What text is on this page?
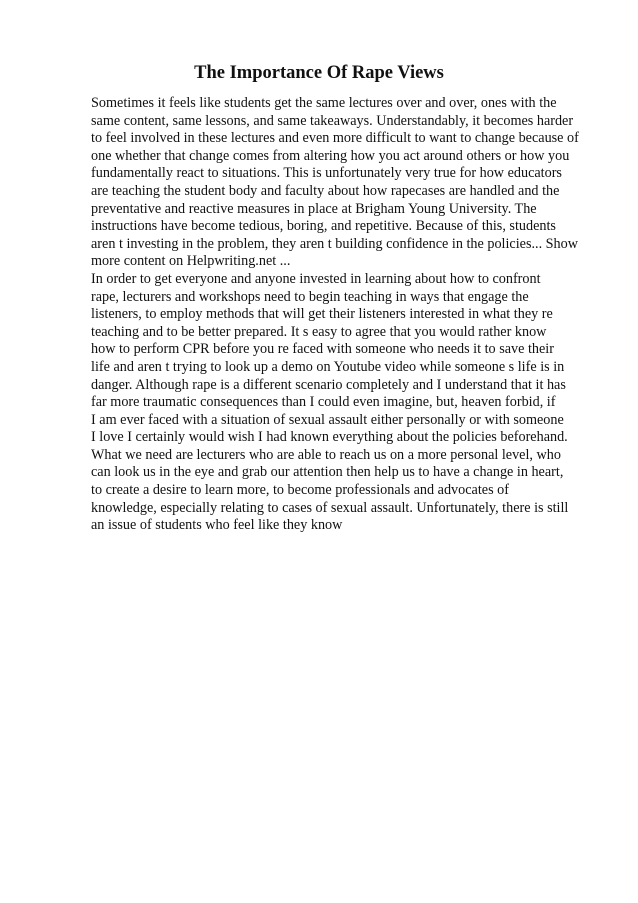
The Importance Of Rape Views
Sometimes it feels like students get the same lectures over and over, ones with the
same content, same lessons, and same takeaways. Understandably, it becomes harder
to feel involved in these lectures and even more difficult to want to change because of
one whether that change comes from altering how you act around others or how you
fundamentally react to situations. This is unfortunately very true for how educators
are teaching the student body and faculty about how rapecases are handled and the
preventative and reactive measures in place at Brigham Young University. The
instructions have become tedious, boring, and repetitive. Because of this, students
aren t investing in the problem, they aren t building confidence in the policies... Show
more content on Helpwriting.net ...
In order to get everyone and anyone invested in learning about how to confront
rape, lecturers and workshops need to begin teaching in ways that engage the
listeners, to employ methods that will get their listeners interested in what they re
teaching and to be better prepared. It s easy to agree that you would rather know
how to perform CPR before you re faced with someone who needs it to save their
life and aren t trying to look up a demo on Youtube video while someone s life is in
danger. Although rape is a different scenario completely and I understand that it has
far more traumatic consequences than I could even imagine, but, heaven forbid, if
I am ever faced with a situation of sexual assault either personally or with someone
I love I certainly would wish I had known everything about the policies beforehand.
What we need are lecturers who are able to reach us on a more personal level, who
can look us in the eye and grab our attention then help us to have a change in heart,
to create a desire to learn more, to become professionals and advocates of
knowledge, especially relating to cases of sexual assault. Unfortunately, there is still
an issue of students who feel like they know
